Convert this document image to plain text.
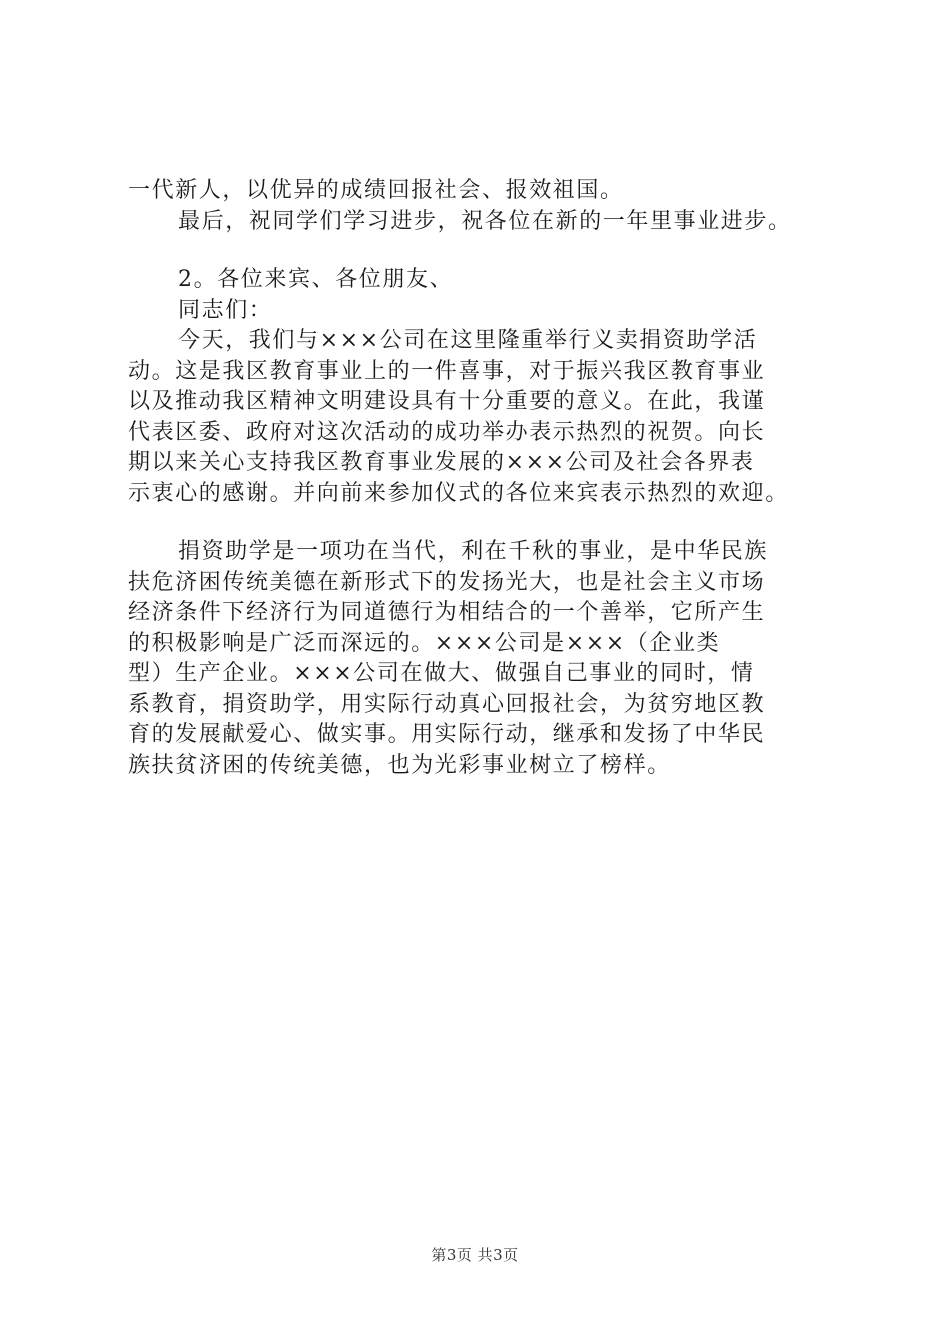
一代新人，以优异的成绩回报社会、报效祖国。
最后，祝同学们学习进步，祝各位在新的一年里事业进步。
2。各位来宾、各位朋友、
同志们：
今天，我们与×××公司在这里隆重举行义卖捐资助学活
动。这是我区教育事业上的一件喜事，对于振兴我区教育事业
以及推动我区精神文明建设具有十分重要的意义。在此，我谨
代表区委、政府对这次活动的成功举办表示热烈的祝贺。向长
期以来关心支持我区教育事业发展的×××公司及社会各界表
示衷心的感谢。并向前来参加仪式的各位来宾表示热烈的欢迎。
捐资助学是一项功在当代，利在千秋的事业，是中华民族
扶危济困传统美德在新形式下的发扬光大，也是社会主义市场
经济条件下经济行为同道德行为相结合的一个善举，它所产生
的积极影响是广泛而深远的。×××公司是×××（企业类
型）生产企业。×××公司在做大、做强自己事业的同时，情
系教育，捐资助学，用实际行动真心回报社会，为贫穷地区教
育的发展献爱心、做实事。用实际行动，继承和发扬了中华民
族扶贫济困的传统美德，也为光彩事业树立了榜样。
第3页 共3页
